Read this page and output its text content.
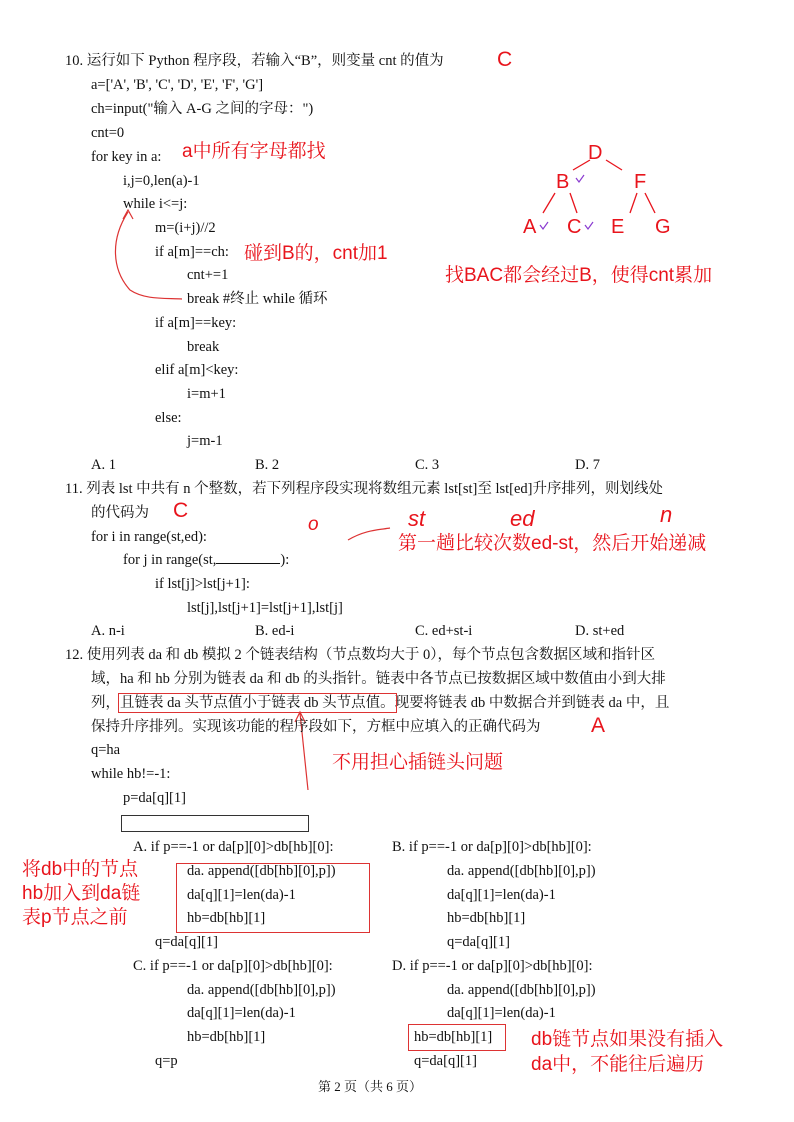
10. 运行如下 Python 程序段，若输入“B”，则变量 cnt 的值为	C
a=['A', 'B', 'C', 'D', 'E', 'F', 'G']
ch=input("输入 A-G 之间的字母：")
cnt=0
for key in a:
i,j=0,len(a)-1
while i<=j:
m=(i+j)//2
if a[m]==ch:
cnt+=1
break #终止 while 循环
if a[m]==key:
break
elif a[m]<key:
i=m+1
else:
j=m-1
A. 1	B. 2	C. 3	D. 7
a中所有字母都找
碰到B的，cnt加1
找BAC都会经过B，使得cnt累加
D
B	F
A C E G
11. 列表 lst 中共有 n 个整数，若下列程序段实现将数组元素 lst[st]至 lst[ed]升序排列，则划线处
的代码为 C
for i in range(st,ed):
for j in range(st,	):
if lst[j]>lst[j+1]:
lst[j],lst[j+1]=lst[j+1],lst[j]
A. n-i	B. ed-i	C. ed+st-i	D. st+ed
o	st	ed	n
第一趟比较次数ed-st，然后开始递减
12. 使用列表 da 和 db 模拟 2 个链表结构（节点数均大于 0），每个节点包含数据区域和指针区
域，ha 和 hb 分别为链表 da 和 db 的头指针。链表中各节点已按数据区域中数值由小到大排
列，且链表 da 头节点值小于链表 db 头节点值。现要将链表 db 中数据合并到链表 da 中，且
保持升序排列。实现该功能的程序段如下，方框中应填入的正确代码为 A
不用担心插链头问题
q=ha
while hb!=-1:
p=da[q][1]
A. if p==-1 or da[p][0]>db[hb][0]:
da. append([db[hb][0],p])
da[q][1]=len(da)-1
hb=db[hb][1]
q=da[q][1]
B. if p==-1 or da[p][0]>db[hb][0]:
da. append([db[hb][0],p])
da[q][1]=len(da)-1
hb=db[hb][1]
q=da[q][1]
C. if p==-1 or da[p][0]>db[hb][0]:
da. append([db[hb][0],p])
da[q][1]=len(da)-1
hb=db[hb][1]
q=p
D. if p==-1 or da[p][0]>db[hb][0]:
da. append([db[hb][0],p])
da[q][1]=len(da)-1
hb=db[hb][1]
q=da[q][1]
将db中的节点
hb加入到da链
表p节点之前
db链节点如果没有插入
da中，不能往后遍历
第 2 页（共 6 页）
